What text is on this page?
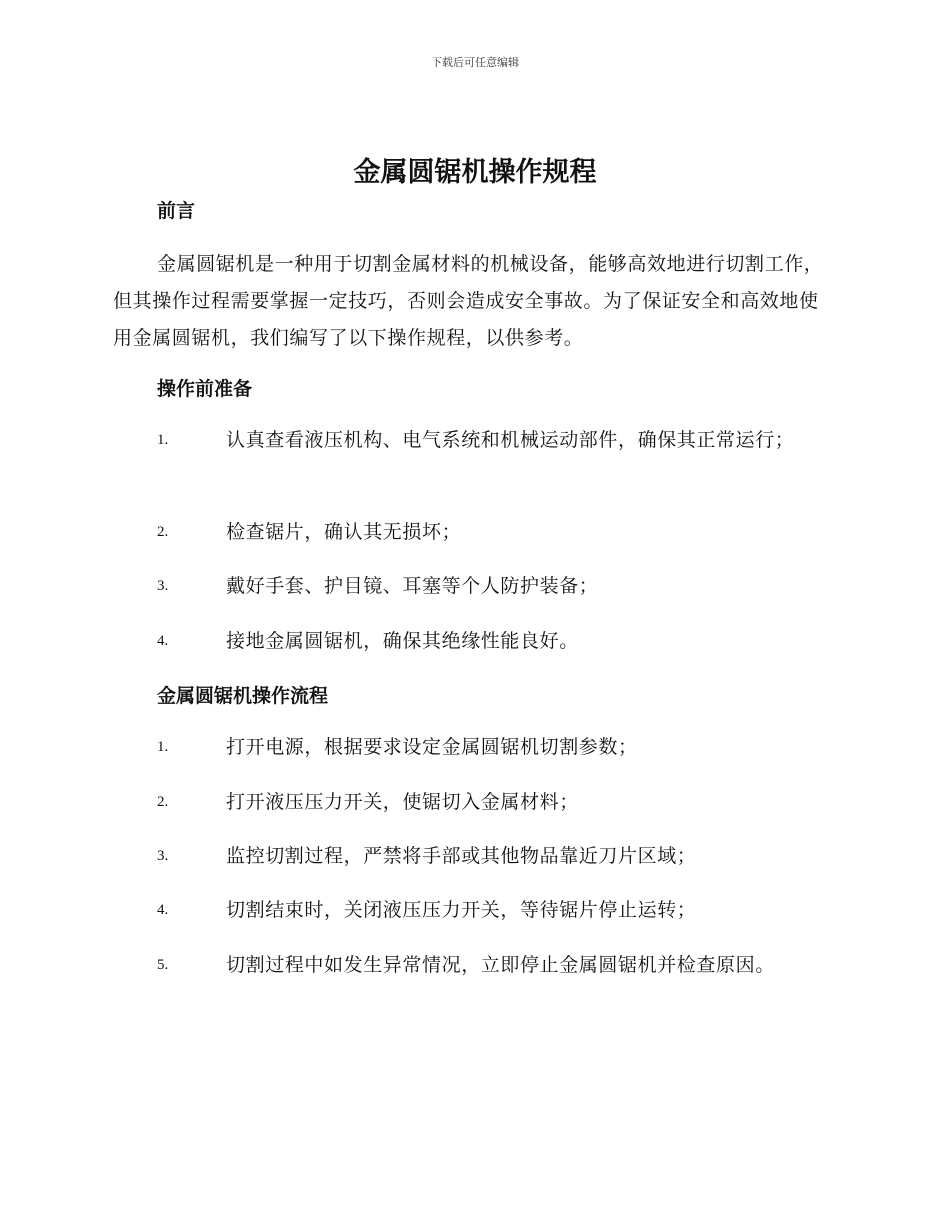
下载后可任意编辑
金属圆锯机操作规程
前言

金属圆锯机是一种用于切割金属材料的机械设备，能够高效地进行切割工作，但其操作过程需要掌握一定技巧，否则会造成安全事故。为了保证安全和高效地使用金属圆锯机，我们编写了以下操作规程，以供参考。

操作前准备
1.	认真查看液压机构、电气系统和机械运动部件，确保其正常运行；
2.	检查锯片，确认其无损坏；
3.	戴好手套、护目镜、耳塞等个人防护装备；
4.	接地金属圆锯机，确保其绝缘性能良好。
金属圆锯机操作流程
1.	打开电源，根据要求设定金属圆锯机切割参数；
2.	打开液压压力开关，使锯切入金属材料；
3.	监控切割过程，严禁将手部或其他物品靠近刀片区域；
4.	切割结束时，关闭液压压力开关，等待锯片停止运转；
5.	切割过程中如发生异常情况，立即停止金属圆锯机并检查原因。
